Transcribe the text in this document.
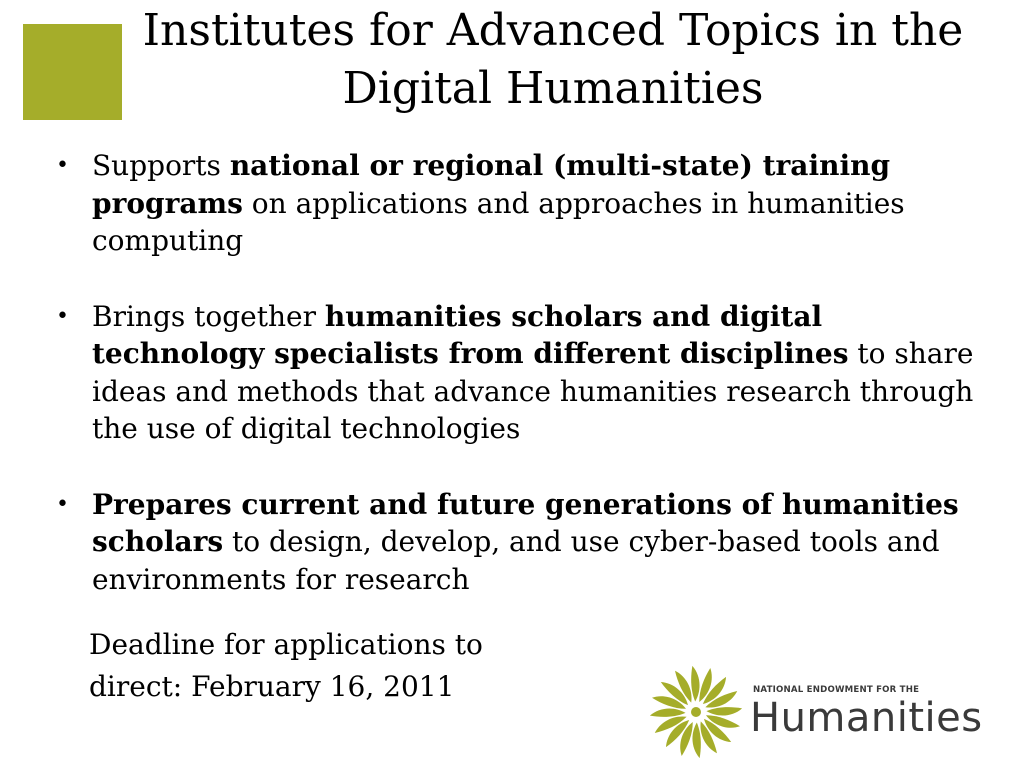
Institutes for Advanced Topics in the Digital Humanities
• Supports national or regional (multi-state) training programs on applications and approaches in humanities computing
• Brings together humanities scholars and digital technology specialists from different disciplines to share ideas and methods that advance humanities research through the use of digital technologies
• Prepares current and future generations of humanities scholars to design, develop, and use cyber-based tools and environments for research
Deadline for applications to
direct: February 16, 2011	NATIONAL ENDOWMENT FOR THE
Humanities
